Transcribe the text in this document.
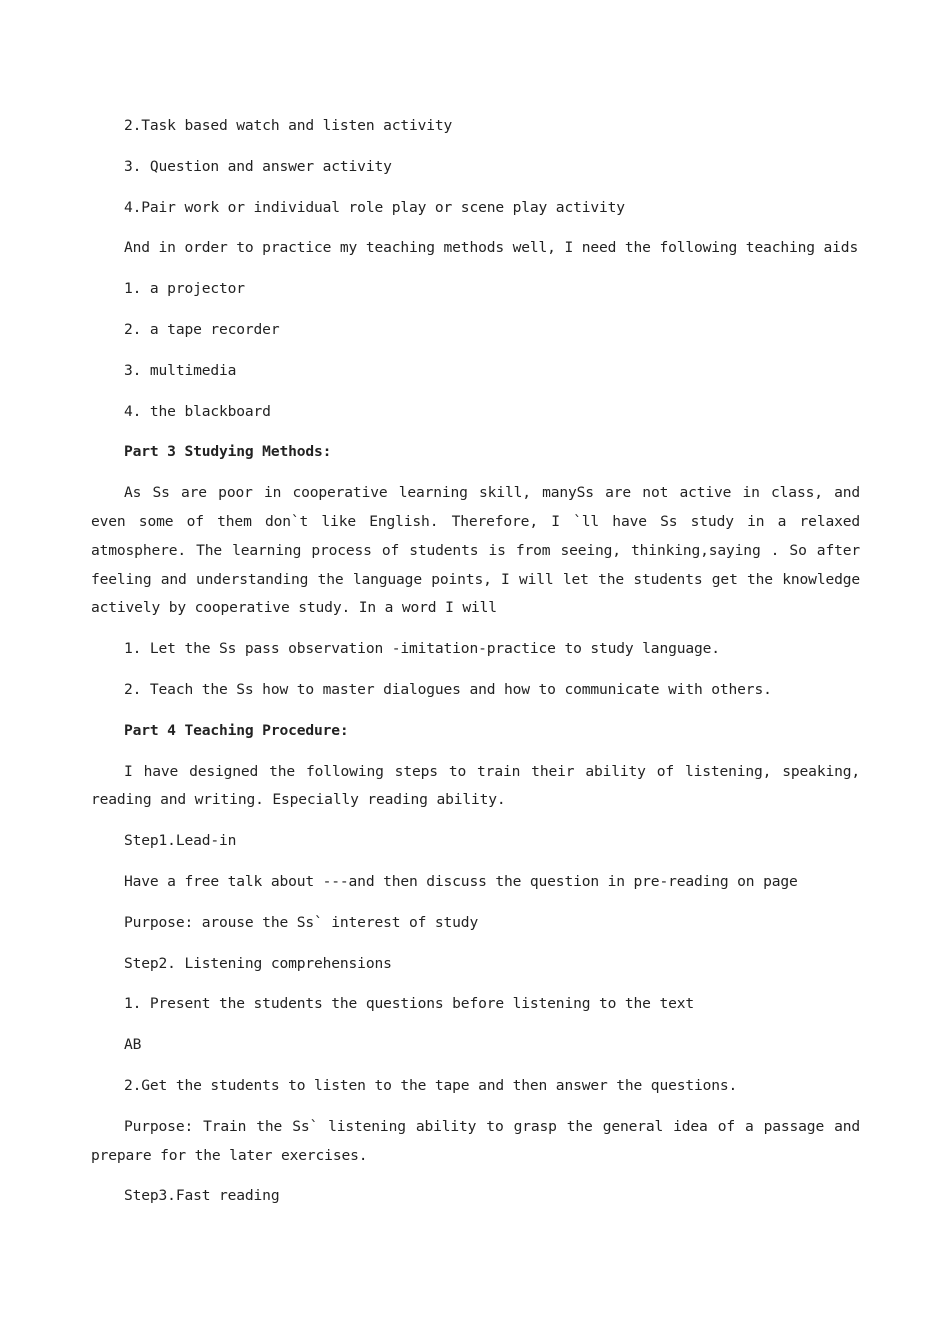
2.Task based watch and listen activity

3. Question and answer activity

4.Pair work or individual role play or scene play activity

And in order to practice my teaching methods well, I need the following teaching aids

1. a projector

2. a tape recorder

3. multimedia

4. the blackboard

Part 3 Studying Methods:

As Ss are poor in cooperative learning skill, manySs are not active in class, and even some of them don`t like English. Therefore, I `ll have Ss study in a relaxed atmosphere. The learning process of students is from seeing, thinking,saying . So after feeling and understanding the language points, I will let the students get the knowledge actively by cooperative study. In a word I will

1. Let the Ss pass observation -imitation-practice to study language.

2. Teach the Ss how to master dialogues and how to communicate with others.

Part 4 Teaching Procedure:

I have designed the following steps to train their ability of listening, speaking, reading and writing. Especially reading ability.

Step1.Lead-in

Have a free talk about ---and then discuss the question in pre-reading on page

Purpose: arouse the Ss` interest of study

Step2. Listening comprehensions

1. Present the students the questions before listening to the text

AB

2.Get the students to listen to the tape and then answer the questions.

Purpose: Train the Ss` listening ability to grasp the general idea of a passage and prepare for the later exercises.

Step3.Fast reading
